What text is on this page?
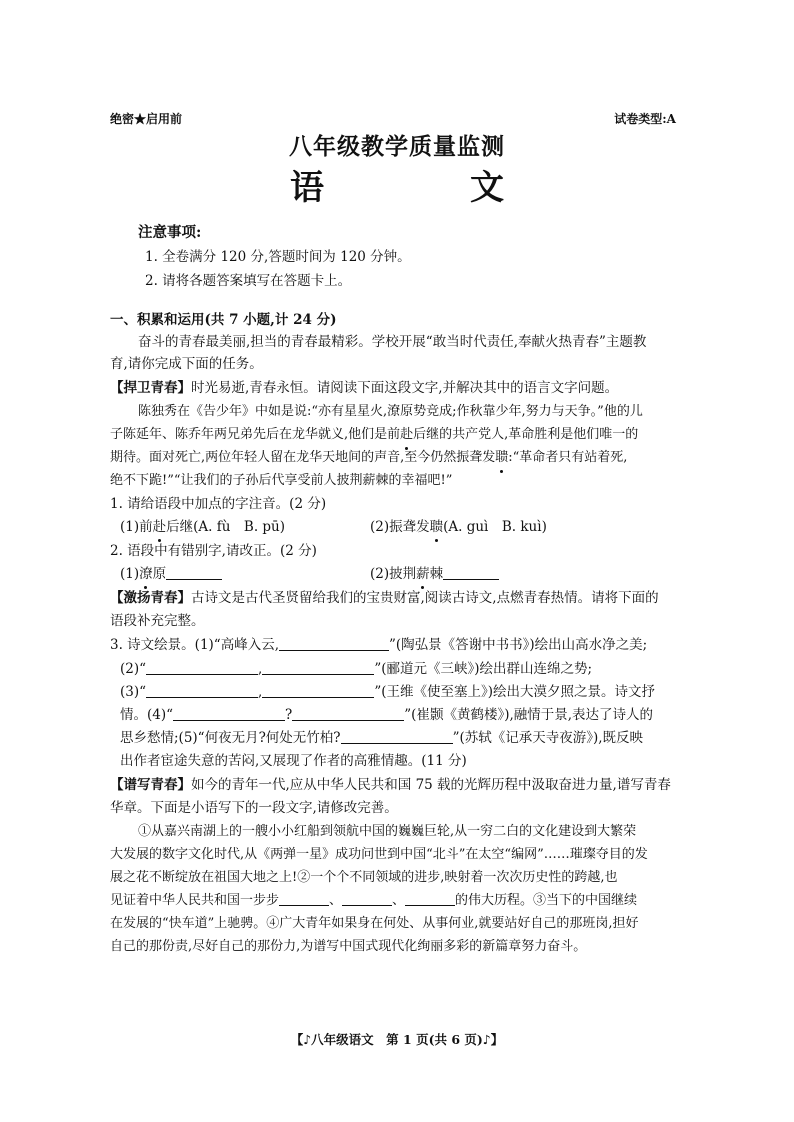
绝密★启用前	试卷类型:A
八年级教学质量监测
语　文
注意事项:
1. 全卷满分 120 分,答题时间为 120 分钟。
2. 请将各题答案填写在答题卡上。
一、积累和运用(共 7 小题,计 24 分)
奋斗的青春最美丽,担当的青春最精彩。学校开展“敢当时代责任,奉献火热青春”主题教
育,请你完成下面的任务。
【捍卫青春】时光易逝,青春永恒。请阅读下面这段文字,并解决其中的语言文字问题。
陈独秀在《告少年》中如是说:“亦有星星火,潦原势竞成;作秋靠少年,努力与天争。”他的儿
子陈延年、陈乔年两兄弟先后在龙华就义,他们是前赴后继的共产党人,革命胜利是他们唯一的
期待。面对死亡,两位年轻人留在龙华天地间的声音,至今仍然振聋发聩:“革命者只有站着死,
绝不下跪!”“让我们的子孙后代享受前人披荆薪棘的幸福吧!”
1. 请给语段中加点的字注音。(2 分)
(1)前赴后继(A. fù　B. pū)	(2)振聋发聩(A. guì　B. kuì)
2. 语段中有错别字,请改正。(2 分)
(1)潦原	(2)披荆薪棘
【激扬青春】古诗文是古代圣贤留给我们的宝贵财富,阅读古诗文,点燃青春热情。请将下面的
语段补充完整。
3. 诗文绘景。(1)“高峰入云,	”(陶弘景《答谢中书书》)绘出山高水净之美;
(2)“	,	”(郦道元《三峡》)绘出群山连绵之势;
(3)“	,	”(王维《使至塞上》)绘出大漠夕照之景。诗文抒
情。(4)“	?	”(崔颢《黄鹤楼》),融情于景,表达了诗人的
思乡愁情;(5)“何夜无月?何处无竹柏?	”(苏轼《记承天寺夜游》),既反映
出作者宦途失意的苦闷,又展现了作者的高雅情趣。(11 分)
【谱写青春】如今的青年一代,应从中华人民共和国 75 载的光辉历程中汲取奋进力量,谱写青春
华章。下面是小语写下的一段文字,请修改完善。
①从嘉兴南湖上的一艘小小红船到领航中国的巍巍巨轮,从一穷二白的文化建设到大繁荣
大发展的数字文化时代,从《两弹一星》成功问世到中国“北斗”在太空“编网”……璀璨夺目的发
展之花不断绽放在祖国大地之上!②一个个不同领域的进步,映射着一次次历史性的跨越,也
见证着中华人民共和国一步步	、	、	的伟大历程。③当下的中国继续
在发展的“快车道”上驰骋。④广大青年如果身在何处、从事何业,就要站好自己的那班岗,担好
自己的那份责,尽好自己的那份力,为谱写中国式现代化绚丽多彩的新篇章努力奋斗。
【♪八年级语文　第 1 页(共 6 页)♪】
